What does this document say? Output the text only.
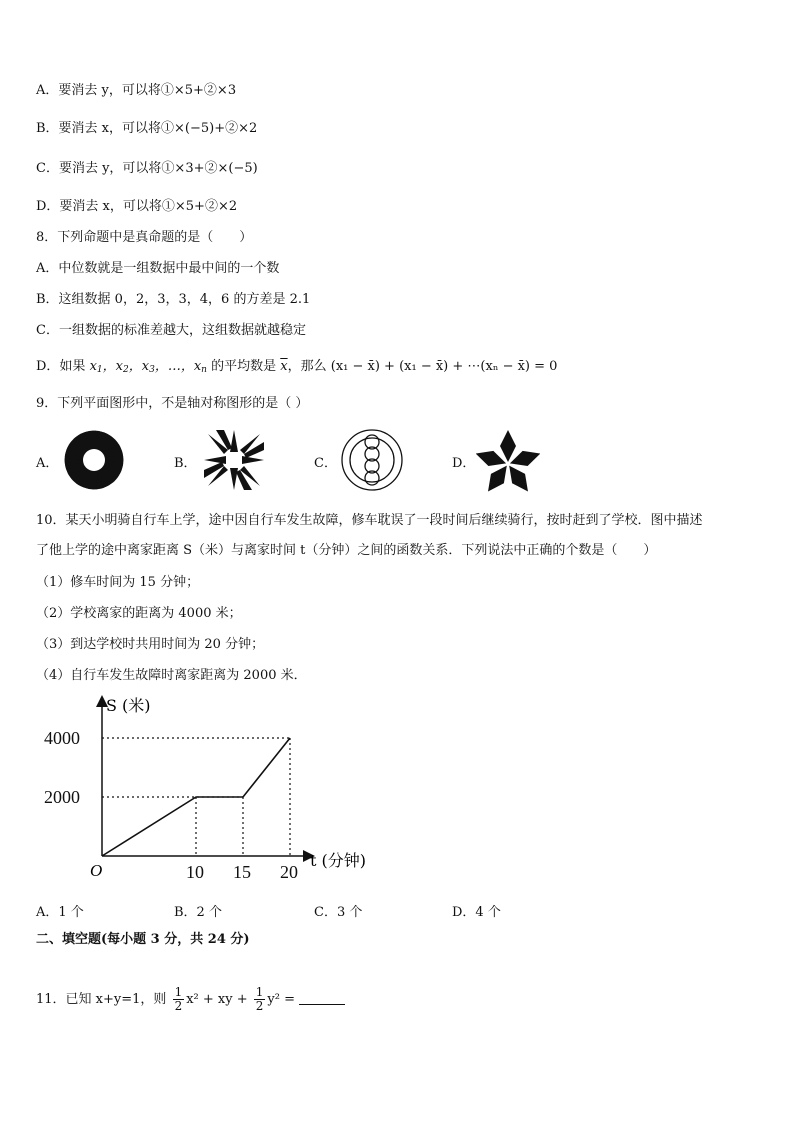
A．要消去 y，可以将①×5+②×3
B．要消去 x，可以将①×(−5)+②×2
C．要消去 y，可以将①×3+②×(−5)
D．要消去 x，可以将①×5+②×2
8．下列命题中是真命题的是（　　）
A．中位数就是一组数据中最中间的一个数
B．这组数据 0，2，3，3，4，6 的方差是 2.1
C．一组数据的标准差越大，这组数据就越稳定
D．如果 $x_1$，$x_2$，$x_3$，…，$x_n$ 的平均数是 $\overline{x}$，那么 (x₁ − x̄) + (x₁ − x̄) + ⋯(xₙ − x̄) = 0
9．下列平面图形中，不是轴对称图形的是（ ）
A．	B．	C．	D．
10．某天小明骑自行车上学，途中因自行车发生故障，修车耽误了一段时间后继续骑行，按时赶到了学校．图中描述
了他上学的途中离家距离 S（米）与离家时间 t（分钟）之间的函数关系．下列说法中正确的个数是（　　）
（1）修车时间为 15 分钟；
（2）学校离家的距离为 4000 米；
（3）到达学校时共用时间为 20 分钟；
（4）自行车发生故障时离家距离为 2000 米．
10 15 20
2000
4000
O
S (米)
t (分钟)
A．1 个	B．2 个	C．3 个	D．4 个
二、填空题(每小题 3 分，共 24 分)
11．已知 x+y=1，则 $\frac{1}{2} x^2$ + xy + $\frac{1}{2} y^2$ =
